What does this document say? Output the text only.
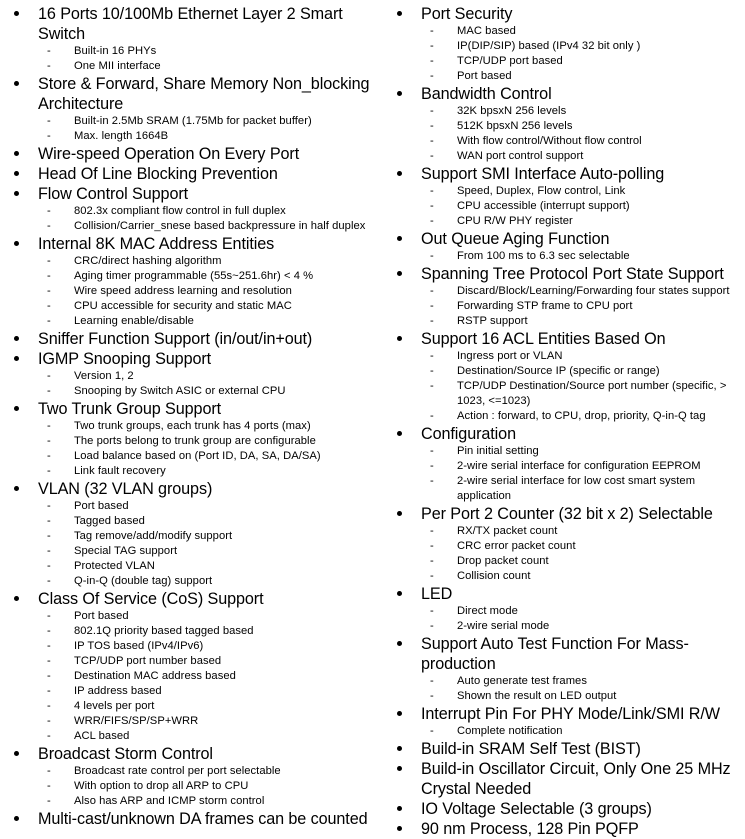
16 Ports 10/100Mb Ethernet Layer 2 Smart Switch
- Built-in 16 PHYs
- One MII interface
Store & Forward, Share Memory Non_blocking Architecture
- Built-in 2.5Mb SRAM (1.75Mb for packet buffer)
- Max. length 1664B
Wire-speed Operation On Every Port
Head Of Line Blocking Prevention
Flow Control Support
- 802.3x compliant flow control in full duplex
- Collision/Carrier_snese based backpressure in half duplex
Internal 8K MAC Address Entities
- CRC/direct hashing algorithm
- Aging timer programmable (55s~251.6hr) < 4 %
- Wire speed address learning and resolution
- CPU accessible for security and static MAC
- Learning enable/disable
Sniffer Function Support (in/out/in+out)
IGMP Snooping Support
- Version 1, 2
- Snooping by Switch ASIC or external CPU
Two Trunk Group Support
- Two trunk groups, each trunk has 4 ports (max)
- The ports belong to trunk group are configurable
- Load balance based on (Port ID, DA, SA, DA/SA)
- Link fault recovery
VLAN (32 VLAN groups)
- Port based
- Tagged based
- Tag remove/add/modify support
- Special TAG support
- Protected VLAN
- Q-in-Q (double tag) support
Class Of Service (CoS) Support
- Port based
- 802.1Q priority based tagged based
- IP TOS based (IPv4/IPv6)
- TCP/UDP port number based
- Destination MAC address based
- IP address based
- 4 levels per port
- WRR/FIFS/SP/SP+WRR
- ACL based
Broadcast Storm Control
- Broadcast rate control per port selectable
- With option to drop all ARP to CPU
- Also has ARP and ICMP storm control
Multi-cast/unknown DA frames can be counted
Port Security
- MAC based
- IP(DIP/SIP) based (IPv4 32 bit only )
- TCP/UDP port based
- Port based
Bandwidth Control
- 32K bpsxN 256 levels
- 512K bpsxN 256 levels
- With flow control/Without flow control
- WAN port control support
Support SMI Interface Auto-polling
- Speed, Duplex, Flow control, Link
- CPU accessible (interrupt support)
- CPU R/W PHY register
Out Queue Aging Function
- From 100 ms to 6.3 sec selectable
Spanning Tree Protocol Port State Support
- Discard/Block/Learning/Forwarding four states support
- Forwarding STP frame to CPU port
- RSTP support
Support 16 ACL Entities Based On
- Ingress port or VLAN
- Destination/Source IP (specific or range)
- TCP/UDP Destination/Source port number (specific, > 1023, <=1023)
- Action : forward, to CPU, drop, priority, Q-in-Q tag
Configuration
- Pin initial setting
- 2-wire serial interface for configuration EEPROM
- 2-wire serial interface for low cost smart system application
Per Port 2 Counter (32 bit x 2) Selectable
- RX/TX packet count
- CRC error packet count
- Drop packet count
- Collision count
LED
- Direct mode
- 2-wire serial mode
Support Auto Test Function For Mass-production
- Auto generate test frames
- Shown the result on LED output
Interrupt Pin For PHY Mode/Link/SMI R/W
- Complete notification
Build-in SRAM Self Test (BIST)
Build-in Oscillator Circuit, Only One 25 MHz Crystal Needed
IO Voltage Selectable (3 groups)
90 nm Process, 128 Pin PQFP
